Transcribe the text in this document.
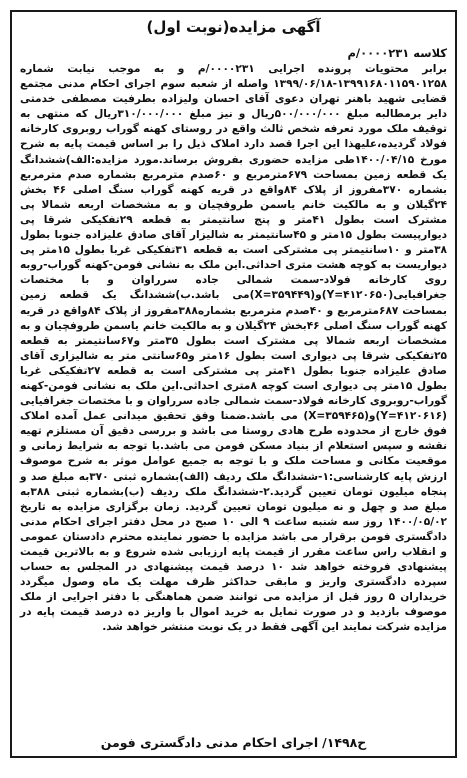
آگهی مزایده(نوبت اول)
کلاسه ۰۰۰۰۲۳۱/م

برابر محتویات پرونده اجرایی ۰۰۰۰۲۳۱/م و به موجب نیابت شماره ۱۳۹۹۱۶۸۰۱۱۵۹۰۱۲۵۸-۱۳۹۹/۰۶/۱۸ واصله از شعبه سوم اجرای احکام مدنی مجتمع قضایی شهید باهنر تهران دعوی آقای احسان ولیزاده بطرفیت مصطفی خدمتی دایر برمطالبه مبلغ ۵۰۰/۰۰۰/۰۰۰ریال و نیز مبلغ ۳۱۰/۰۰۰/۰۰۰ریال که منتهی به توقیف ملک مورد تعرفه شخص ثالث واقع در روستای کهنه گوراب روبروی کارخانه فولاد گردیده،علیهذا این اجرا قصد دارد املاک ذیل را بر اساس قیمت پایه به شرح مورخ ۱۴۰۰/۰۴/۱۵طی مزایده حضوری بفروش برساند.مورد مزایده:الف)ششدانگ یک قطعه زمین بمساحت ۶۷۹مترمربع و ۶۰صدم مترمربع بشماره صدم مترمربع بشماره ۳۷۰مفروز از پلاک ۸۴واقع در قریه کهنه گوراب سنگ اصلی ۴۶ بخش ۲۴گیلان و به مالکیت خانم یاسمن طروفچیان و به مشخصات اربعه شمالا پی مشترک است بطول ۴۱متر و پنج سانتیمتر به قطعه ۲۹تفکیکی شرقا پی دیوارپیست بطول ۱۵متر و ۴۵سانتیمتر به شالیزار آقای صادق علیزاده جنوبا بطول ۳۸متر و ۱۰سانتیمتر پی مشترکی است به قطعه ۳۱تفکیکی غربا بطول ۱۵متر پی دیواریست به کوچه هشت متری احداثی.این ملک به نشانی فومن-کهنه گوراب-روبه روی کارخانه فولاد-سمت شمالی جاده سرراوان و با مختصات جغرافیایی(Y=۴۱۲۰۶۵۰)و(X=۳۵۹۴۴۹)می باشد.ب)ششدانگ یک قطعه زمین بمساحت ۶۸۷مترمربع و ۴۰صدم مترمربع بشماره۳۸۸مفروز از پلاک ۸۴واقع در قریه کهنه گوراب سنگ اصلی ۴۶بخش ۲۴گیلان و به مالکیت خانم یاسمن طروفچیان و به مشخصات اربعه شمالا پی مشترک است بطول ۳۵متر و۶۷سانتیمتر به قطعه ۲۵تفکیکی شرقا پی دیواری است بطول ۱۶متر و۶۵سانتی متر به شالیزاری آقای صادق علیزاده جنوبا بطول ۴۱متر پی مشترکی است به قطعه ۲۷تفکیکی غربا بطول ۱۵متر پی دیواری است کوچه ۸متری احداثی.این ملک به نشانی فومن-کهنه گوراب-روبروی کارخانه فولاد-سمت شمالی جاده سرراوان و با مختصات جغرافیایی (Y=۴۱۲۰۶۱۶)و(X=۳۵۹۴۶۵) می باشد.ضمنا وفق تحقیق میدانی عمل آمده املاک فوق خارج از محدوده طرح هادی روستا می باشد و بررسی دقیق آن مستلزم تهیه نقشه و سپس استعلام از بنیاد مسکن فومن می باشد.با توجه به شرایط زمانی و موقعیت مکانی و مساحت ملک و با توجه به جمیع عوامل موثر به شرح موصوف ارزش پایه کارشناسی:۱-ششدانگ ملک ردیف (الف)بشماره ثبتی ۳۷۰به مبلغ صد و پنجاه میلیون تومان تعیین گردید.۲-ششدانگ ملک ردیف (ب)بشماره ثبتی ۳۸۸به مبلغ صد و چهل و نه میلیون تومان تعیین گردید. زمان برگزاری مزایده به تاریخ ۱۴۰۰/۰۵/۰۲ روز سه شنبه ساعت ۹ الی ۱۰ صبح در محل دفتر اجرای احکام مدنی دادگستری فومن برقرار می باشد مزایده با حضور نماینده محترم دادستان عمومی و انقلاب راس ساعت مقرر از قیمت پایه ارزیابی شده شروع و به بالاترین قیمت پیشنهادی فروخته خواهد شد ۱۰ درصد قیمت پیشنهادی در المجلس به حساب سپرده دادگستری واریز و مابقی حداکثر ظرف مهلت یک ماه وصول میگردد خریداران ۵ روز قبل از مزایده می توانند ضمن هماهنگی با دفتر اجرایی از ملک موصوف بازدید و در صورت تمایل به خرید اموال با واریز ده درصد قیمت پایه در مزایده شرکت نمایند این آگهی فقط در یک نوبت منتشر خواهد شد.

ح۱۴۹۸/اجرای احکام مدنی دادگستری فومن
